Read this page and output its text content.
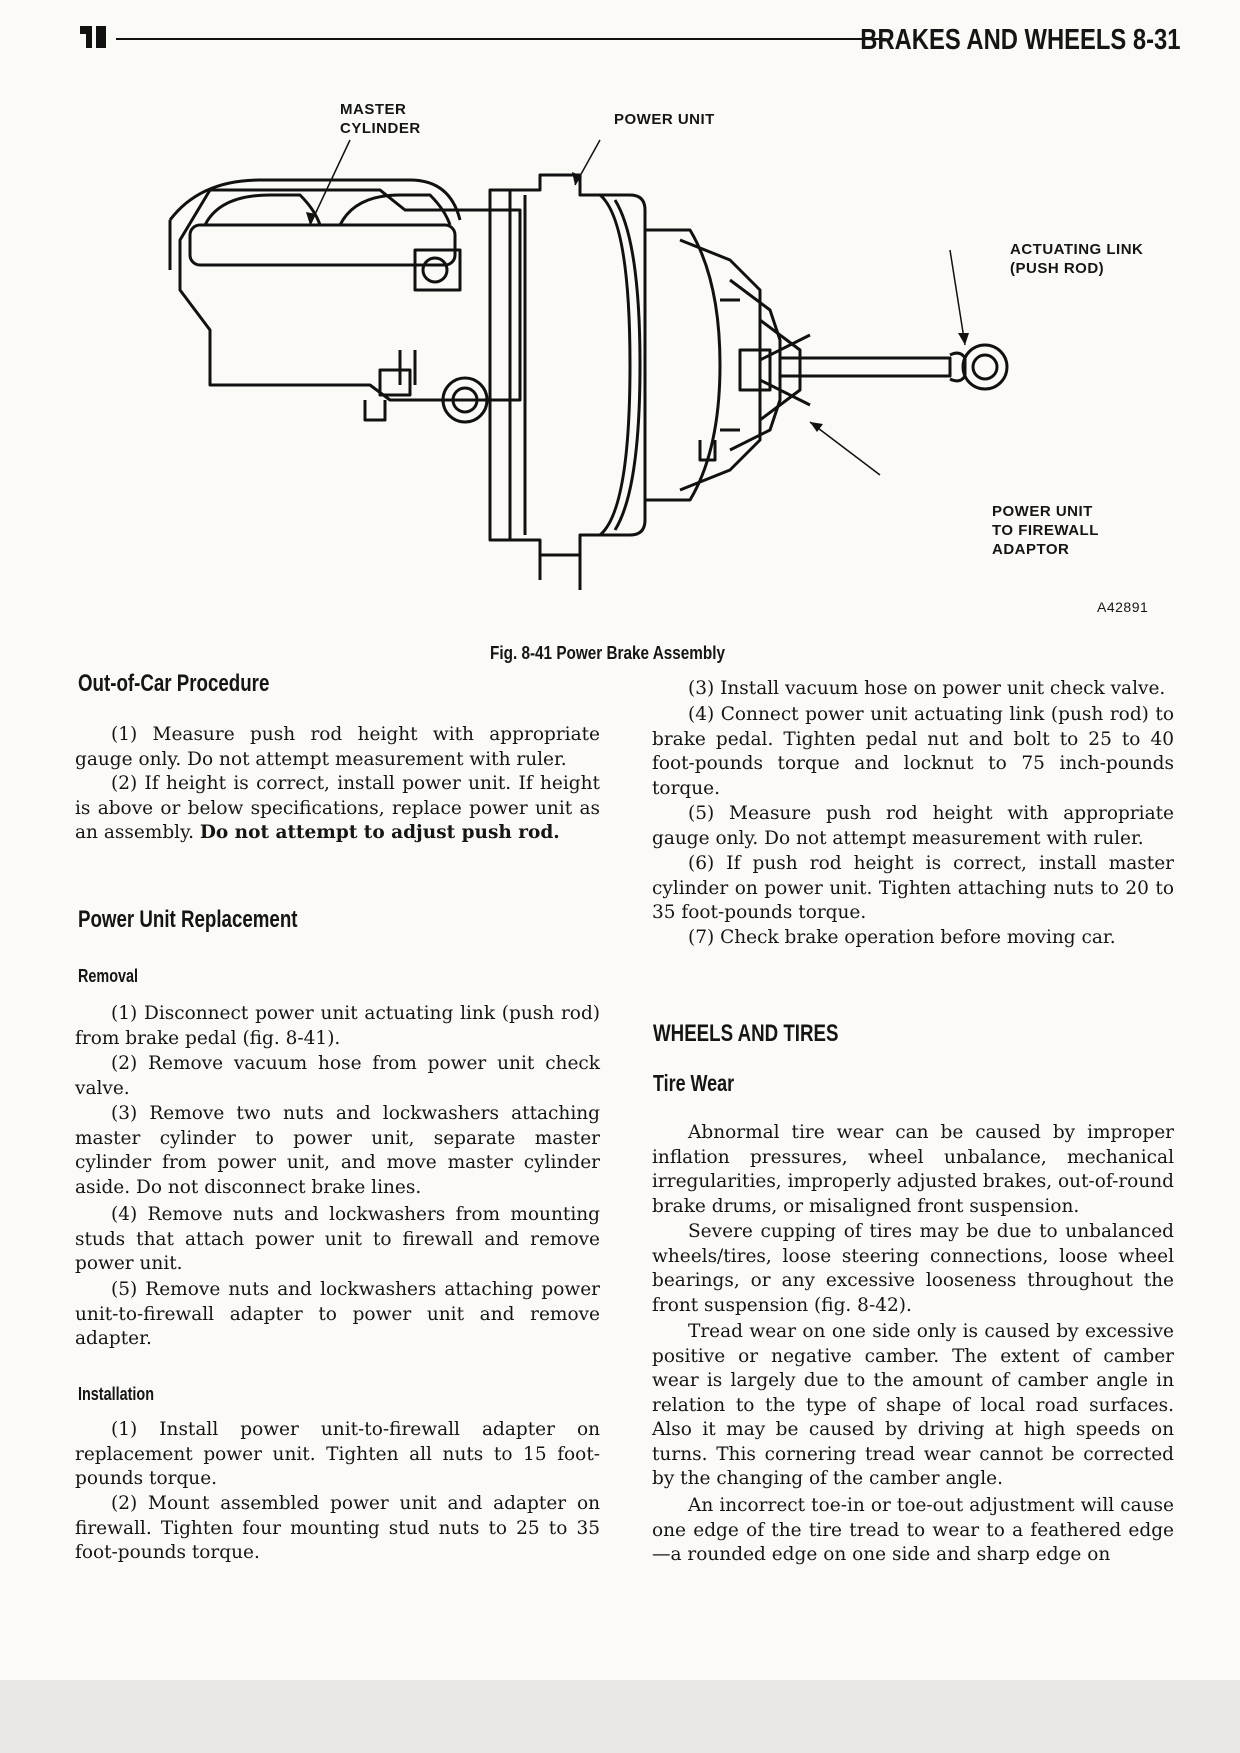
BRAKES AND WHEELS 8-31
MASTER
CYLINDER
POWER UNIT
ACTUATING LINK
(PUSH ROD)
POWER UNIT
TO FIREWALL
ADAPTOR
A42891
Fig. 8-41 Power Brake Assembly
Out-of-Car Procedure

(1) Measure push rod height with appropriate gauge only. Do not attempt measurement with ruler.

(2) If height is correct, install power unit. If height is above or below specifications, replace power unit as an assembly. Do not attempt to adjust push rod.

Power Unit Replacement
Removal

(1) Disconnect power unit actuating link (push rod) from brake pedal (fig. 8-41).

(2) Remove vacuum hose from power unit check valve.

(3) Remove two nuts and lockwashers attaching master cylinder to power unit, separate master cylinder from power unit, and move master cylinder aside. Do not disconnect brake lines.

(4) Remove nuts and lockwashers from mounting studs that attach power unit to firewall and remove power unit.

(5) Remove nuts and lockwashers attaching power unit-to-firewall adapter to power unit and remove adapter.

Installation

(1) Install power unit-to-firewall adapter on replacement power unit. Tighten all nuts to 15 foot-pounds torque.

(2) Mount assembled power unit and adapter on firewall. Tighten four mounting stud nuts to 25 to 35 foot-pounds torque.

(3) Install vacuum hose on power unit check valve.

(4) Connect power unit actuating link (push rod) to brake pedal. Tighten pedal nut and bolt to 25 to 40 foot-pounds torque and locknut to 75 inch-pounds torque.

(5) Measure push rod height with appropriate gauge only. Do not attempt measurement with ruler.

(6) If push rod height is correct, install master cylinder on power unit. Tighten attaching nuts to 20 to 35 foot-pounds torque.

(7) Check brake operation before moving car.

WHEELS AND TIRES
Tire Wear

Abnormal tire wear can be caused by improper inflation pressures, wheel unbalance, mechanical irregularities, improperly adjusted brakes, out-of-round brake drums, or misaligned front suspension.

Severe cupping of tires may be due to unbalanced wheels/tires, loose steering connections, loose wheel bearings, or any excessive looseness throughout the front suspension (fig. 8-42).

Tread wear on one side only is caused by excessive positive or negative camber. The extent of camber wear is largely due to the amount of camber angle in relation to the type of shape of local road surfaces. Also it may be caused by driving at high speeds on turns. This cornering tread wear cannot be corrected by the changing of the camber angle.

An incorrect toe-in or toe-out adjustment will cause one edge of the tire tread to wear to a feathered edge—a rounded edge on one side and sharp edge on
